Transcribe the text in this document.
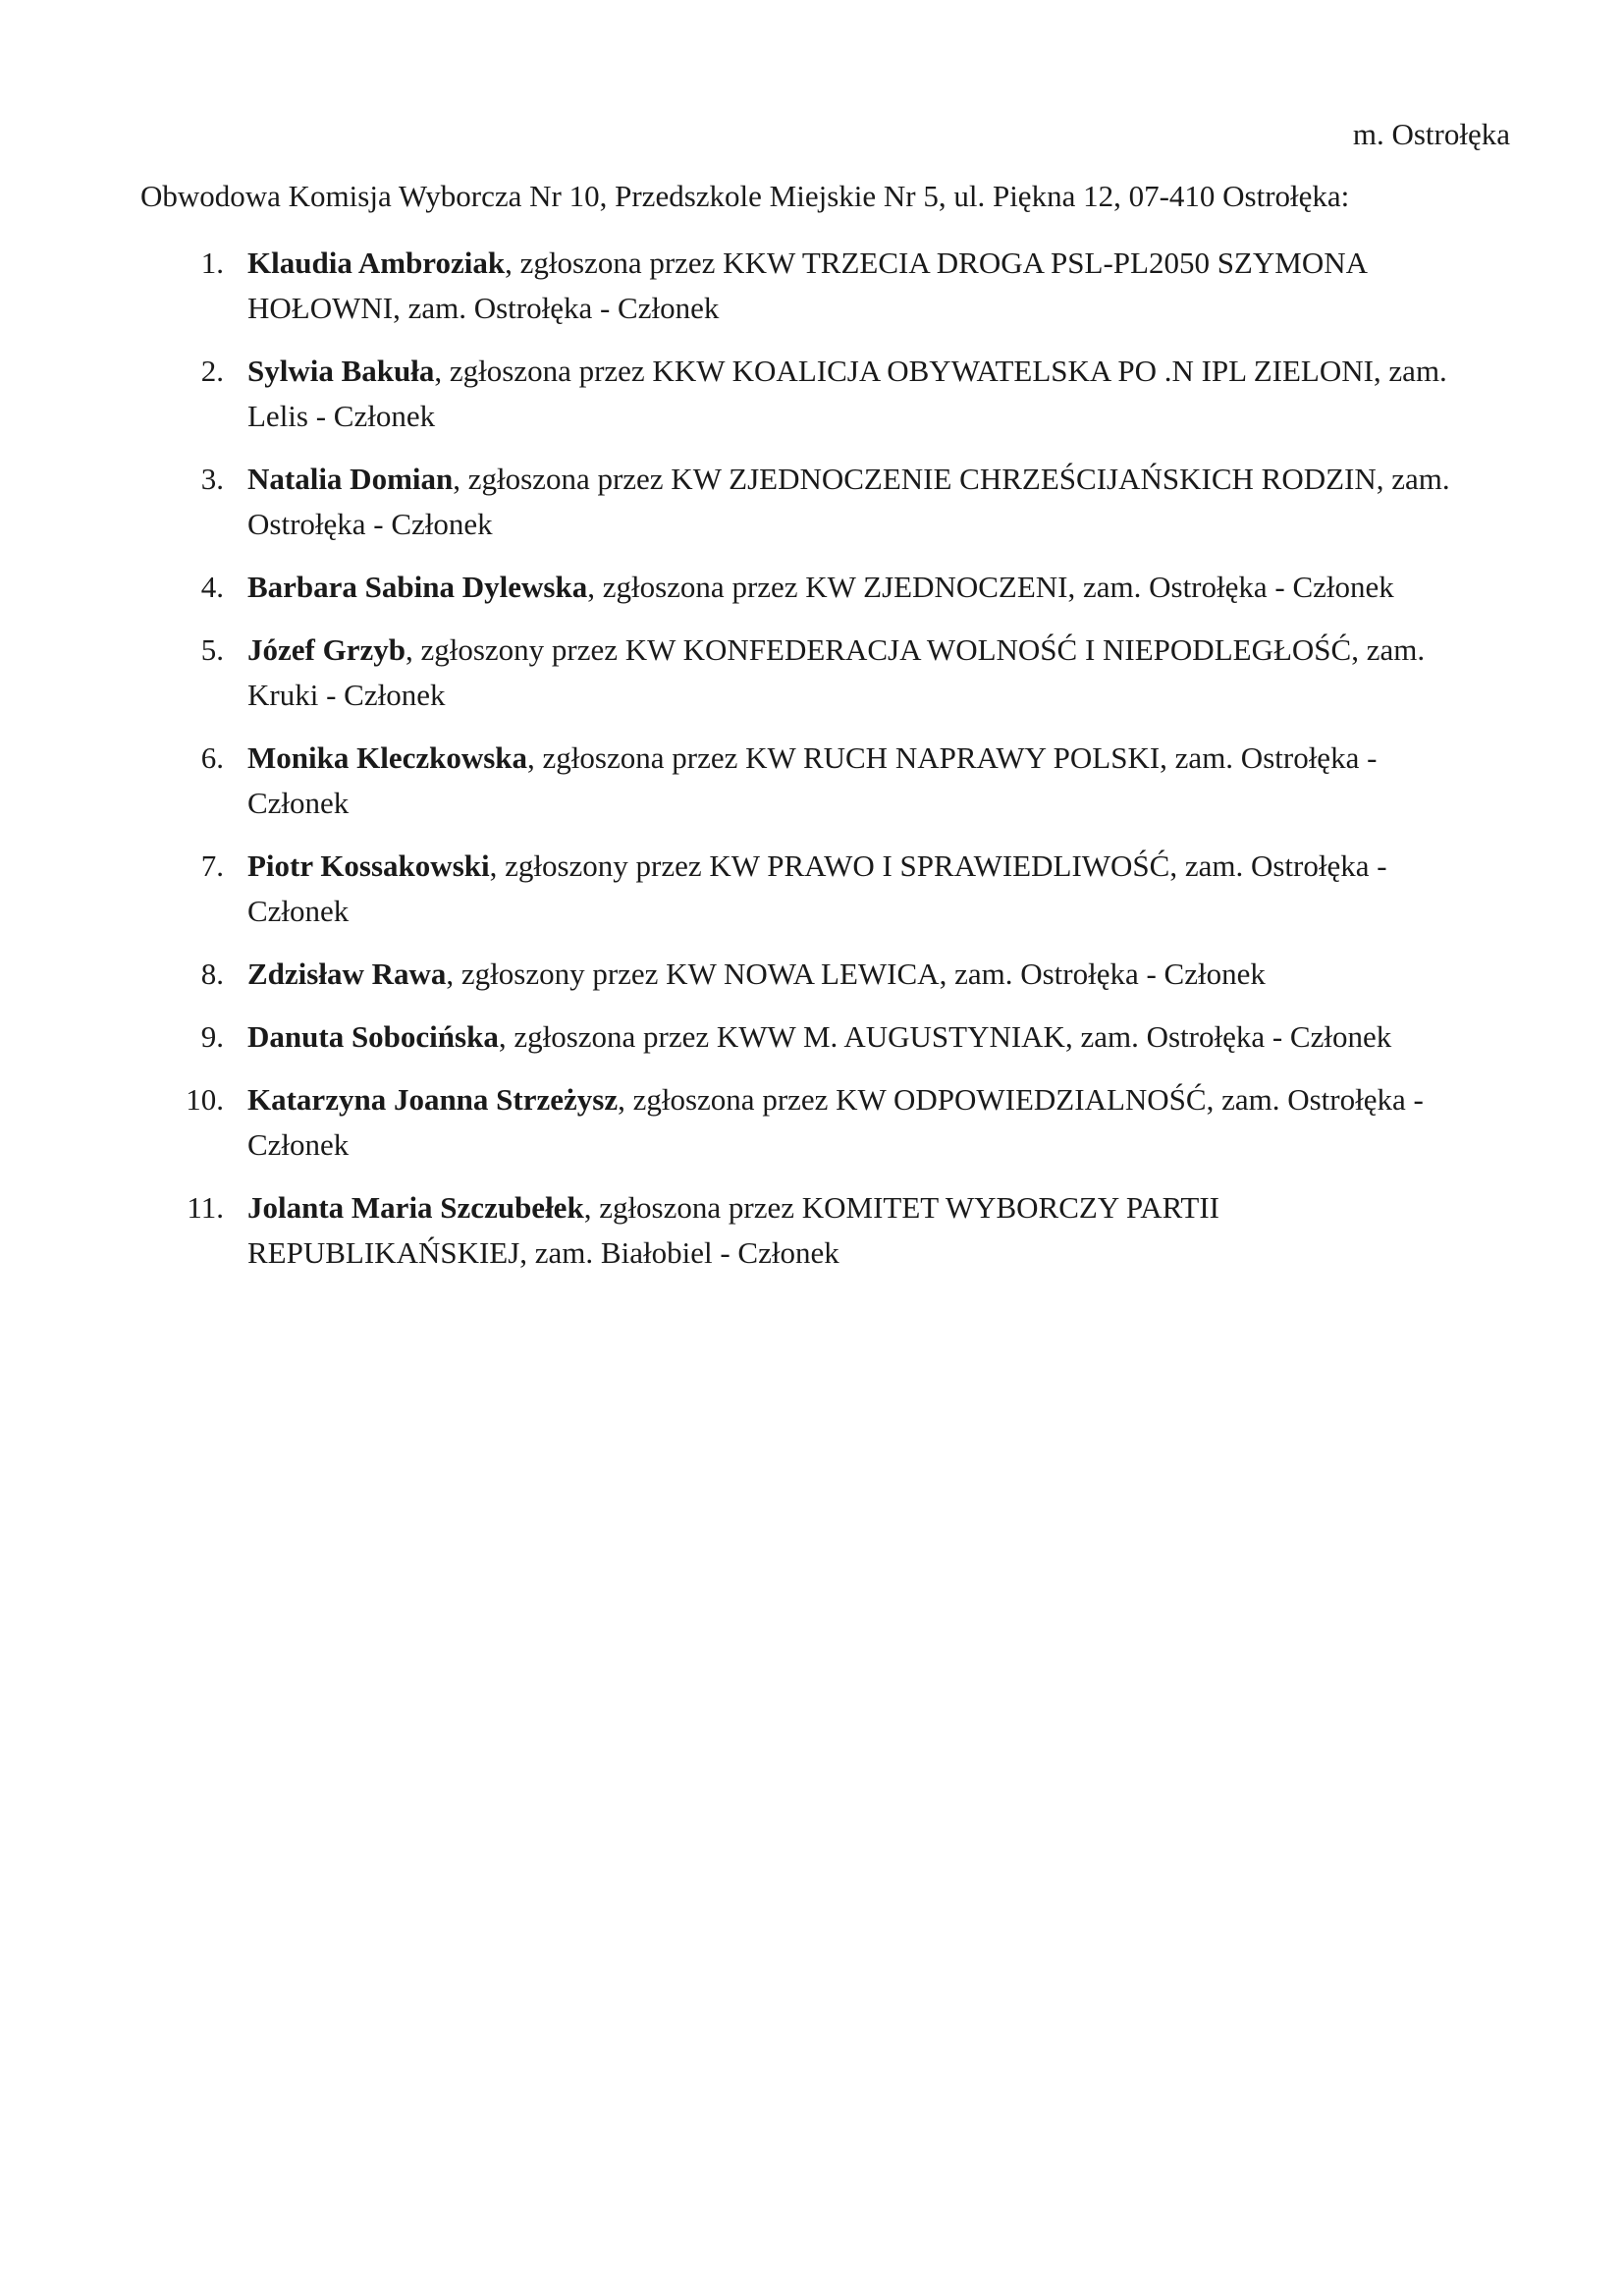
m. Ostrołęka
Obwodowa Komisja Wyborcza Nr 10, Przedszkole Miejskie Nr 5, ul. Piękna 12, 07-410 Ostrołęka:
1. Klaudia Ambroziak, zgłoszona przez KKW TRZECIA DROGA PSL-PL2050 SZYMONA HOŁOWNI, zam. Ostrołęka - Członek
2. Sylwia Bakuła, zgłoszona przez KKW KOALICJA OBYWATELSKA PO .N IPL ZIELONI, zam. Lelis - Członek
3. Natalia Domian, zgłoszona przez KW ZJEDNOCZENIE CHRZEŚCIJAŃSKICH RODZIN, zam. Ostrołęka - Członek
4. Barbara Sabina Dylewska, zgłoszona przez KW ZJEDNOCZENI, zam. Ostrołęka - Członek
5. Józef Grzyb, zgłoszony przez KW KONFEDERACJA WOLNOŚĆ I NIEPODLEGŁOŚĆ, zam. Kruki - Członek
6. Monika Kleczkowska, zgłoszona przez KW RUCH NAPRAWY POLSKI, zam. Ostrołęka - Członek
7. Piotr Kossakowski, zgłoszony przez KW PRAWO I SPRAWIEDLIWOŚĆ, zam. Ostrołęka - Członek
8. Zdzisław Rawa, zgłoszony przez KW NOWA LEWICA, zam. Ostrołęka - Członek
9. Danuta Sobocińska, zgłoszona przez KWW M. AUGUSTYNIAK, zam. Ostrołęka - Członek
10. Katarzyna Joanna Strzeżysz, zgłoszona przez KW ODPOWIEDZIALNOŚĆ, zam. Ostrołęka - Członek
11. Jolanta Maria Szczubełek, zgłoszona przez KOMITET WYBORCZY PARTII REPUBLIKAŃSKIEJ, zam. Białobiel - Członek
